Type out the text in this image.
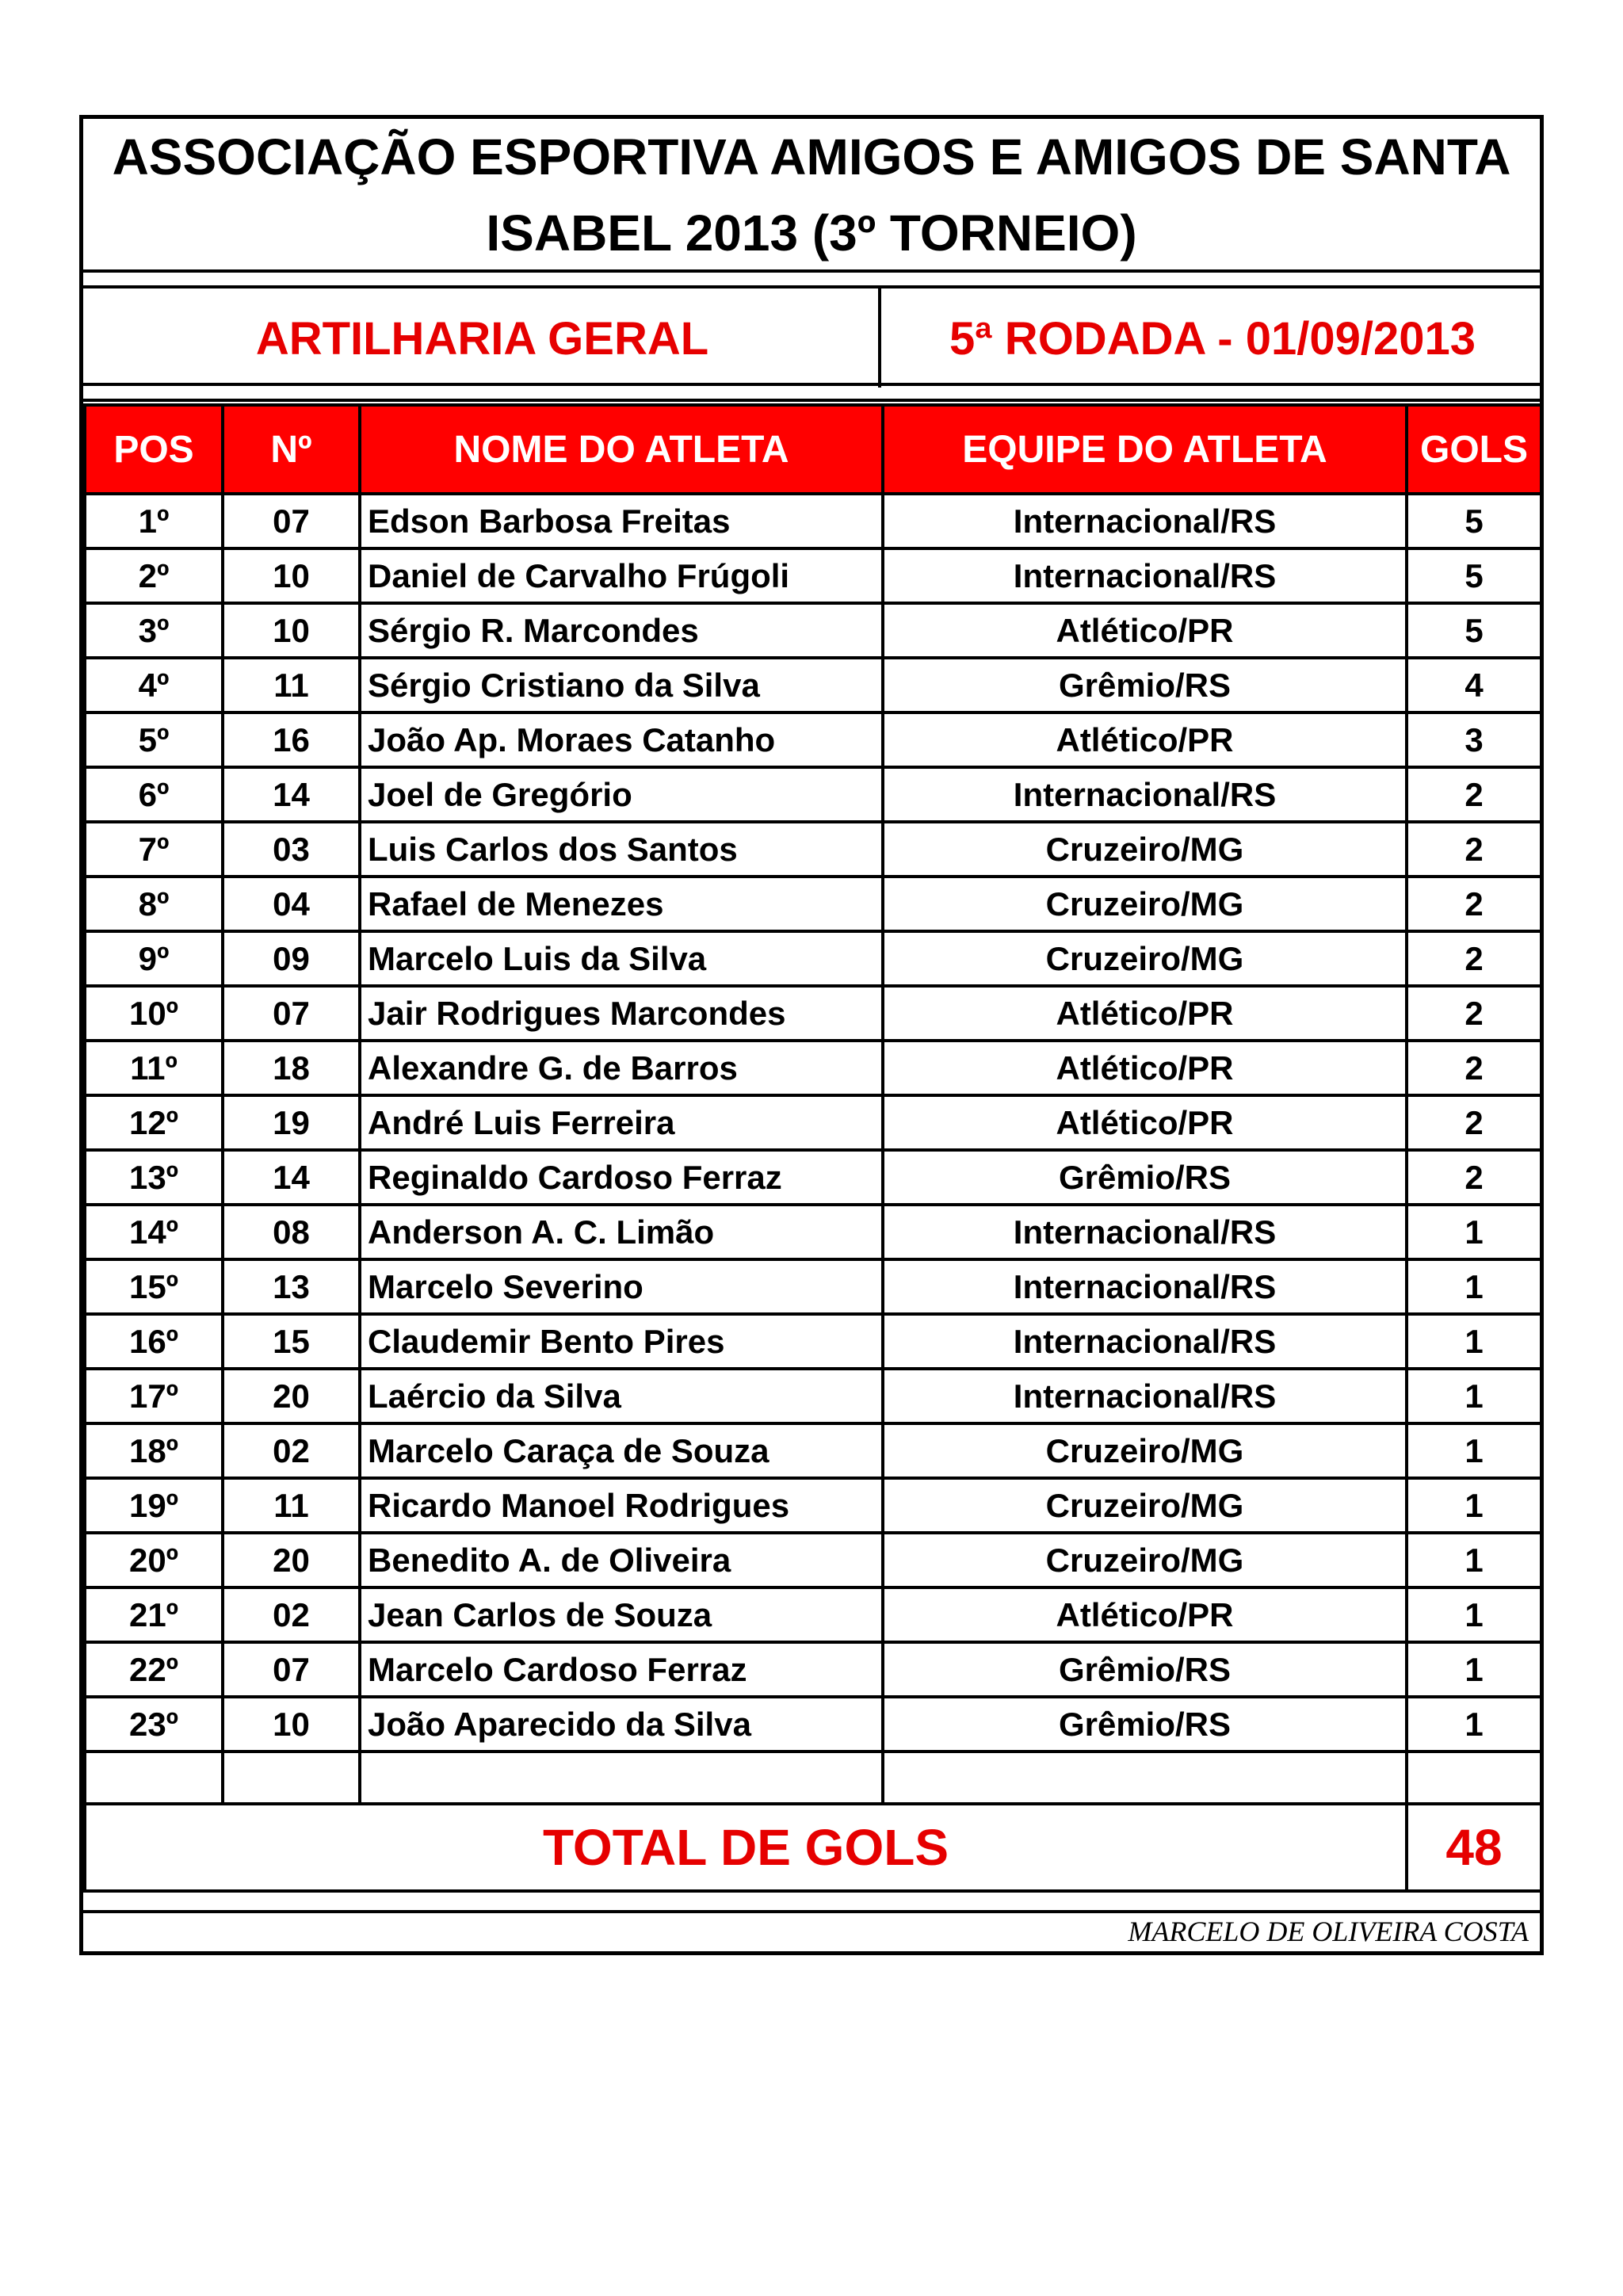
ASSOCIAÇÃO ESPORTIVA AMIGOS E AMIGOS DE SANTA
ISABEL 2013 (3º TORNEIO)
ARTILHARIA GERAL	5ª RODADA - 01/09/2013
POS	Nº	NOME DO ATLETA	EQUIPE DO ATLETA	GOLS
1º	07	Edson Barbosa Freitas	Internacional/RS	5
2º	10	Daniel de Carvalho Frúgoli	Internacional/RS	5
3º	10	Sérgio R. Marcondes	Atlético/PR	5
4º	11	Sérgio Cristiano da Silva	Grêmio/RS	4
5º	16	João Ap. Moraes Catanho	Atlético/PR	3
6º	14	Joel de Gregório	Internacional/RS	2
7º	03	Luis Carlos dos Santos	Cruzeiro/MG	2
8º	04	Rafael de Menezes	Cruzeiro/MG	2
9º	09	Marcelo Luis da Silva	Cruzeiro/MG	2
10º	07	Jair Rodrigues Marcondes	Atlético/PR	2
11º	18	Alexandre G. de Barros	Atlético/PR	2
12º	19	André Luis Ferreira	Atlético/PR	2
13º	14	Reginaldo Cardoso Ferraz	Grêmio/RS	2
14º	08	Anderson A. C. Limão	Internacional/RS	1
15º	13	Marcelo Severino	Internacional/RS	1
16º	15	Claudemir Bento Pires	Internacional/RS	1
17º	20	Laércio da Silva	Internacional/RS	1
18º	02	Marcelo Caraça de Souza	Cruzeiro/MG	1
19º	11	Ricardo Manoel Rodrigues	Cruzeiro/MG	1
20º	20	Benedito A. de Oliveira	Cruzeiro/MG	1
21º	02	Jean Carlos de Souza	Atlético/PR	1
22º	07	Marcelo Cardoso Ferraz	Grêmio/RS	1
23º	10	João Aparecido da Silva	Grêmio/RS	1

TOTAL DE GOLS				48
MARCELO DE OLIVEIRA COSTA
